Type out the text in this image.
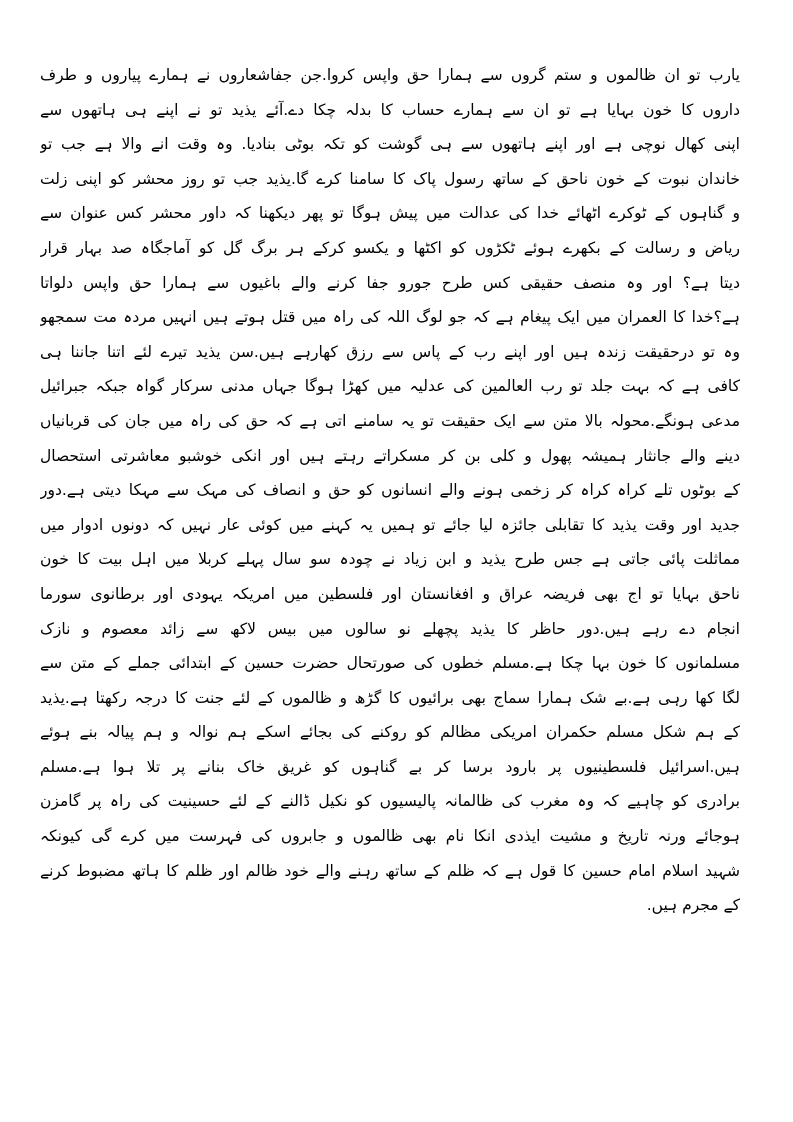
یارب تو ان ظالموں و ستم گروں سے ہمارا حق واپس کروا.جن جفاشعاروں نے ہمارے پیاروں و طرف
داروں کا خون بہایا ہے تو ان سے ہمارے حساب کا بدلہ چکا دے.آئے یذید تو نے اپنے ہی ہاتھوں سے
اپنی کھال نوچی ہے اور اپنے ہاتھوں سے ہی گوشت کو تکہ بوٹی بنادیا. وہ وقت انے والا ہے جب تو
خاندان نبوت کے خون ناحق کے ساتھ رسول پاک کا سامنا کرے گا.یذید جب تو روز محشر کو اپنی زلت
و گناہوں کے ٹوکرے اٹھائے خدا کی عدالت میں پیش ہوگا تو پھر دیکھنا کہ داور محشر کس عنوان سے
ریاض و رسالت کے بکھرے ہوئے ٹکڑوں کو اکٹھا و یکسو کرکے ہر برگ گل کو آماجگاہ صد بہار قرار
دیتا ہے؟ اور وہ منصف حقیقی کس طرح جورو جفا کرنے والے باغیوں سے ہمارا حق واپس دلواتا
ہے؟خدا کا العمران میں ایک پیغام ہے کہ جو لوگ اللہ کی راہ میں قتل ہوتے ہیں انہیں مردہ مت سمجھو
وہ تو درحقیقت زندہ ہیں اور اپنے رب کے پاس سے رزق کھارہے ہیں.سن یذید تیرے لئے اتنا جاننا ہی
کافی ہے کہ بہت جلد تو رب العالمین کی عدلیہ میں کھڑا ہوگا جہاں مدنی سرکار گواہ جبکہ جبرائیل
مدعی ہونگے.محولہ بالا متن سے ایک حقیقت تو یہ سامنے اتی ہے کہ حق کی راہ میں جان کی قربانیاں
دینے والے جانثار ہمیشہ پھول و کلی بن کر مسکراتے رہتے ہیں اور انکی خوشبو معاشرتی استحصال
کے بوٹوں تلے کراہ کراہ کر زخمی ہونے والے انسانوں کو حق و انصاف کی مہک سے مہکا دیتی ہے.دور
جدید اور وقت یذید کا تقابلی جائزہ لیا جائے تو ہمیں یہ کہنے میں کوئی عار نہیں کہ دونوں ادوار میں
مماثلت پائی جاتی ہے جس طرح یذید و ابن زیاد نے چودہ سو سال پہلے کربلا میں اہل بیت کا خون
ناحق بہایا تو اج بھی فریضہ عراق و افغانستان اور فلسطین میں امریکہ یہودی اور برطانوی سورما
انجام دے رہے ہیں.دور حاظر کا یذید پچھلے نو سالوں میں بیس لاکھ سے زائد معصوم و نازک
مسلمانوں کا خون بہا چکا ہے.مسلم خطوں کی صورتحال حضرت حسین کے ابتدائی جملے کے متن سے
لگا کھا رہی ہے.بے شک ہمارا سماج بھی برائیوں کا گڑھ و ظالموں کے لئے جنت کا درجہ رکھتا ہے.یذید
کے ہم شکل مسلم حکمران امریکی مظالم کو روکنے کی بجائے اسکے ہم نوالہ و ہم پیالہ بنے ہوئے
ہیں.اسرائیل فلسطینیوں پر بارود برسا کر بے گناہوں کو غریق خاک بنانے پر تلا ہوا ہے.مسلم
برادری کو چاہیے کہ وہ مغرب کی ظالمانہ پالیسیوں کو نکیل ڈالنے کے لئے حسینیت کی راہ پر گامزن
ہوجائے ورنہ تاریخ و مشیت ایذدی انکا نام بھی ظالموں و جابروں کی فہرست میں کرے گی کیونکہ
شہید اسلام امام حسین کا قول ہے کہ ظلم کے ساتھ رہنے والے خود ظالم اور ظلم کا ہاتھ مضبوط کرنے
کے مجرم ہیں.
